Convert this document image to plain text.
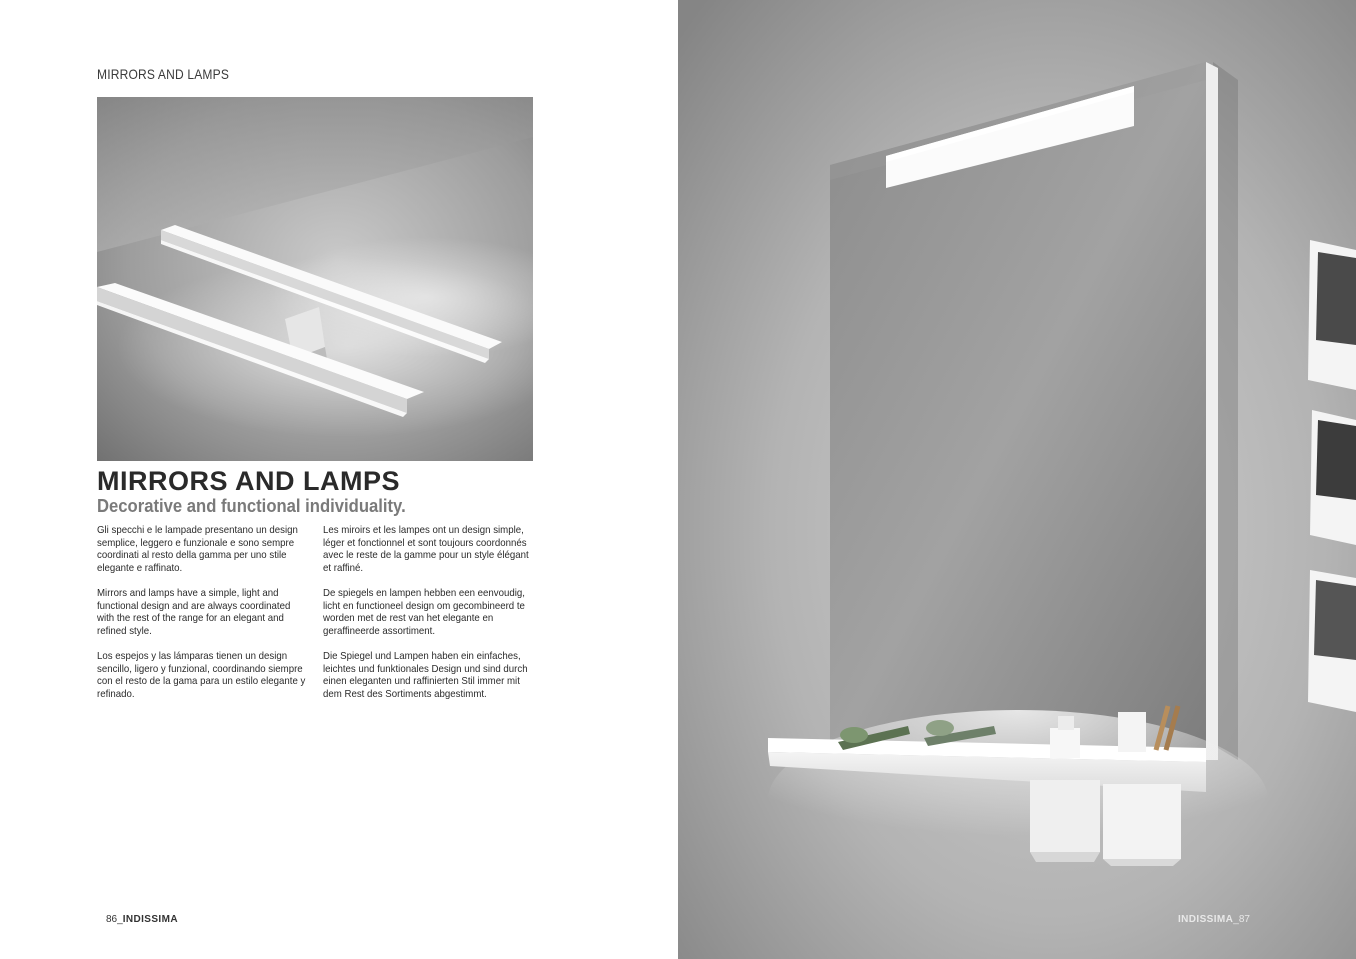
MIRRORS AND LAMPS
MIRRORS AND LAMPS
Decorative and functional individuality.

Gli specchi e le lampade presentano un design semplice, leggero e funzionale e sono sempre coordinati al resto della gamma per uno stile elegante e raffinato.

Mirrors and lamps have a simple, light and functional design and are always coordinated with the rest of the range for an elegant and refined style.

Los espejos y las lámparas tienen un design sencillo, ligero y funzional, coordinando siempre con el resto de la gama para un estilo elegante y refinado.

Les miroirs et les lampes ont un design simple, léger et fonctionnel et sont toujours coordonnés avec le reste de la gamme pour un style élégant et raffiné.

De spiegels en lampen hebben een eenvoudig, licht en functioneel design om gecombineerd te worden met de rest van het elegante en geraffineerde assortiment.

Die Spiegel und Lampen haben ein einfaches, leichtes und funktionales Design und sind durch einen eleganten und raffinierten Stil immer mit dem Rest des Sortiments abgestimmt.

86_INDISSIMA	INDISSIMA_87
